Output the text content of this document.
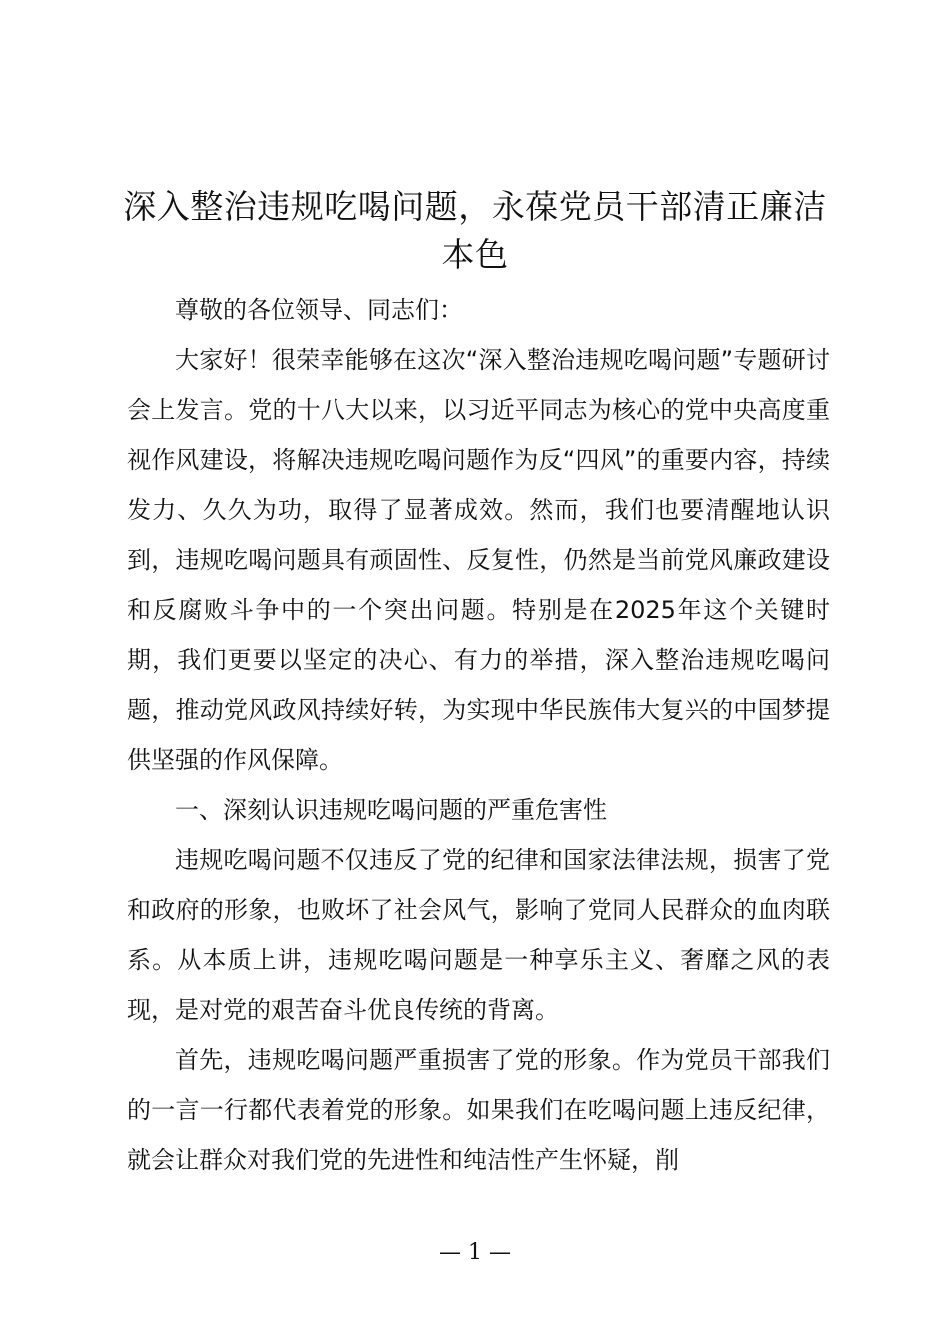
深入整治违规吃喝问题，永葆党员干部清正廉洁本色

尊敬的各位领导、同志们：

大家好！很荣幸能够在这次“深入整治违规吃喝问题”专题研讨会上发言。党的十八大以来，以习近平同志为核心的党中央高度重视作风建设，将解决违规吃喝问题作为反“四风”的重要内容，持续发力、久久为功，取得了显著成效。然而，我们也要清醒地认识到，违规吃喝问题具有顽固性、反复性，仍然是当前党风廉政建设和反腐败斗争中的一个突出问题。特别是在2025年这个关键时期，我们更要以坚定的决心、有力的举措，深入整治违规吃喝问题，推动党风政风持续好转，为实现中华民族伟大复兴的中国梦提供坚强的作风保障。

一、深刻认识违规吃喝问题的严重危害性

违规吃喝问题不仅违反了党的纪律和国家法律法规，损害了党和政府的形象，也败坏了社会风气，影响了党同人民群众的血肉联系。从本质上讲，违规吃喝问题是一种享乐主义、奢靡之风的表现，是对党的艰苦奋斗优良传统的背离。

首先，违规吃喝问题严重损害了党的形象。作为党员干部我们的一言一行都代表着党的形象。如果我们在吃喝问题上违反纪律，就会让群众对我们党的先进性和纯洁性产生怀疑，削

— 1 —
